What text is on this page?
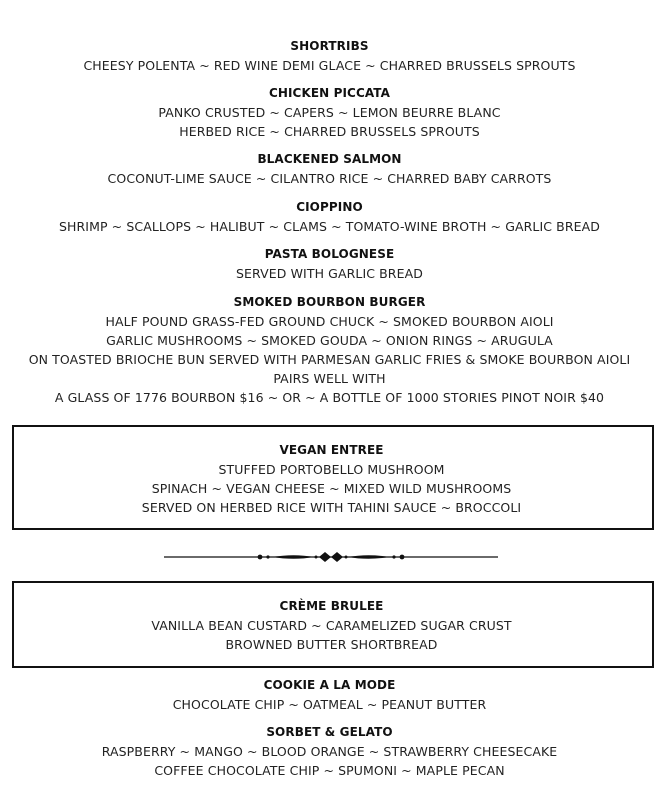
SHORTRIBS
CHEESY POLENTA ~ RED WINE DEMI GLACE ~ CHARRED BRUSSELS SPROUTS
CHICKEN PICCATA
PANKO CRUSTED ~ CAPERS ~ LEMON BEURRE BLANC
HERBED RICE ~ CHARRED BRUSSELS SPROUTS
BLACKENED SALMON
COCONUT-LIME SAUCE ~ CILANTRO RICE ~ CHARRED BABY CARROTS
CIOPPINO
SHRIMP ~ SCALLOPS ~ HALIBUT ~ CLAMS ~ TOMATO-WINE BROTH ~ GARLIC BREAD
PASTA BOLOGNESE
SERVED WITH GARLIC BREAD
SMOKED BOURBON BURGER
HALF POUND GRASS-FED GROUND CHUCK ~ SMOKED BOURBON AIOLI
GARLIC MUSHROOMS ~ SMOKED GOUDA ~ ONION RINGS ~ ARUGULA
ON TOASTED BRIOCHE BUN SERVED WITH PARMESAN GARLIC FRIES & SMOKE BOURBON AIOLI
PAIRS WELL WITH
A GLASS OF 1776 BOURBON $16 ~ OR ~ A BOTTLE OF 1000 STORIES PINOT NOIR $40
VEGAN ENTREE
STUFFED PORTOBELLO MUSHROOM
SPINACH ~ VEGAN CHEESE ~ MIXED WILD MUSHROOMS
SERVED ON HERBED RICE WITH TAHINI SAUCE ~ BROCCOLI
CRÈME BRULEE
VANILLA BEAN CUSTARD ~ CARAMELIZED SUGAR CRUST
BROWNED BUTTER SHORTBREAD
COOKIE A LA MODE
CHOCOLATE CHIP ~ OATMEAL ~ PEANUT BUTTER
SORBET & GELATO
RASPBERRY ~ MANGO ~ BLOOD ORANGE ~ STRAWBERRY CHEESECAKE
COFFEE CHOCOLATE CHIP ~ SPUMONI ~ MAPLE PECAN
